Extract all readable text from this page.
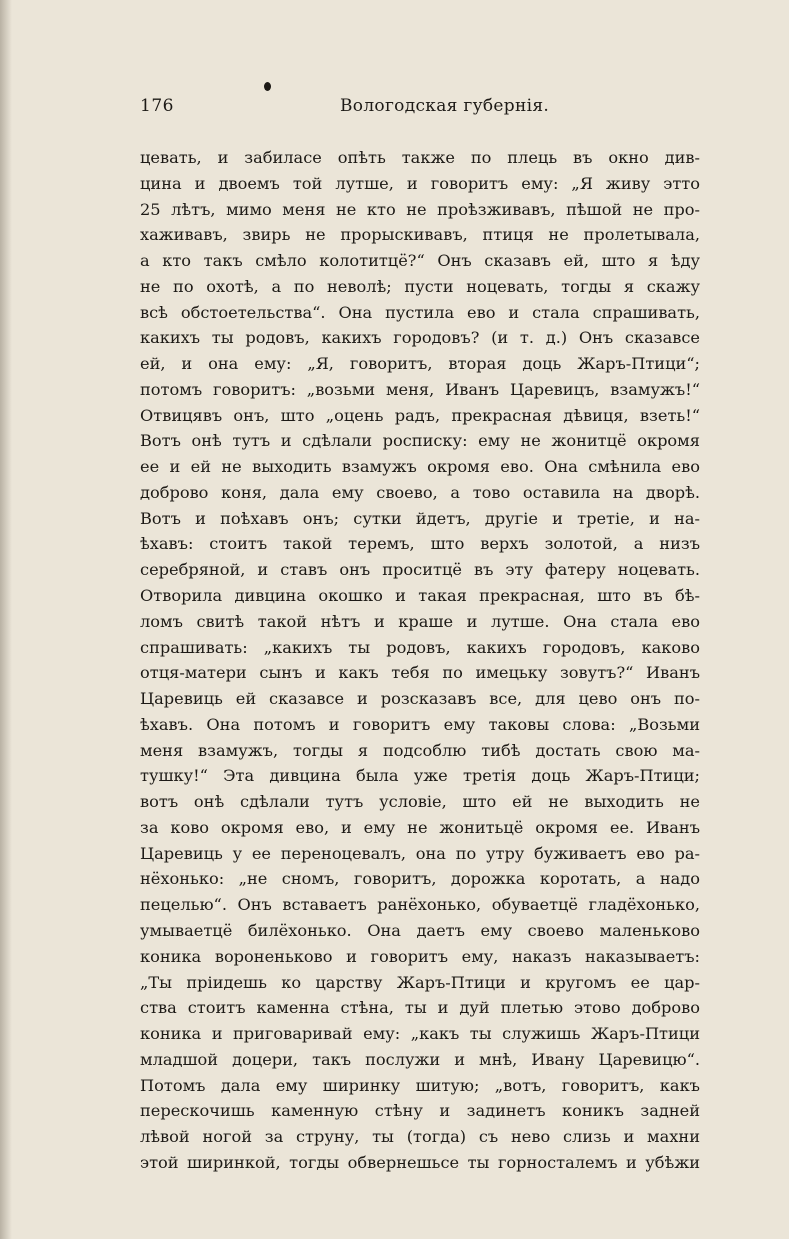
176	Вологодская губернія.
цевать, и забиласе опѣть также по плець въ окно див-
цина и двоемъ той лутше, и говоритъ ему: „Я живу этто
25 лѣтъ, мимо меня не кто не проѣзживавъ, пѣшой не про-
хаживавъ, звирь не прорыскивавъ, птиця не пролетывала,
а кто такъ смѣло колотитцё?“ Онъ сказавъ ей, што я ѣду
не по охотѣ, а по неволѣ; пусти ноцевать, тогды я скажу
всѣ обстоетельства“. Она пустила ево и стала спрашивать,
какихъ ты родовъ, какихъ городовъ? (и т. д.) Онъ сказавсе
ей, и она ему: „Я, говоритъ, вторая доць Жаръ-Птици“;
потомъ говоритъ: „возьми меня, Иванъ Царевицъ, взамужъ!“
Отвицявъ онъ, што „оцень радъ, прекрасная дѣвиця, взеть!“
Вотъ онѣ тутъ и сдѣлали росписку: ему не жонитцё окромя
ее и ей не выходить взамужъ окромя ево. Она смѣнила ево
доброво коня, дала ему своево, а тово оставила на дворѣ.
Вотъ и поѣхавъ онъ; сутки йдетъ, другіе и третіе, и на-
ѣхавъ: стоитъ такой теремъ, што верхъ золотой, а низъ
серебряной, и ставъ онъ проситцё въ эту фатеру ноцевать.
Отворила дивцина окошко и такая прекрасная, што въ бѣ-
ломъ свитѣ такой нѣтъ и краше и лутше. Она стала ево
спрашивать: „какихъ ты родовъ, какихъ городовъ, каково
отця-матери сынъ и какъ тебя по имецьку зовутъ?“ Иванъ
Царевиць ей сказавсе и розсказавъ все, для цево онъ по-
ѣхавъ. Она потомъ и говоритъ ему таковы слова: „Возьми
меня взамужъ, тогды я подсоблю тибѣ достать свою ма-
тушку!“ Эта дивцина была уже третія доць Жаръ-Птици;
вотъ онѣ сдѣлали тутъ условіе, што ей не выходить не
за ково окромя ево, и ему не жонитьцё окромя ее. Иванъ
Царевиць у ее переноцевалъ, она по утру буживаетъ ево ра-
нёхонько: „не сномъ, говоритъ, дорожка коротать, а надо
пецелью“. Онъ вставаетъ ранёхонько, обуваетцё гладёхонько,
умываетцё билёхонько. Она даетъ ему своево маленьково
коника вороненьково и говоритъ ему, наказъ наказываетъ:
„Ты пріидешь ко царству Жаръ-Птици и кругомъ ее цар-
ства стоитъ каменна стѣна, ты и дуй плетью этово доброво
коника и приговаривай ему: „какъ ты служишь Жаръ-Птици
младшой доцери, такъ послужи и мнѣ, Ивану Царевицю“.
Потомъ дала ему ширинку шитую; „вотъ, говоритъ, какъ
перескочишь каменную стѣну и задинетъ коникъ задней
лѣвой ногой за струну, ты (тогда) съ нево слизь и махни
этой ширинкой, тогды обвернешьсе ты горносталемъ и убѣжи
